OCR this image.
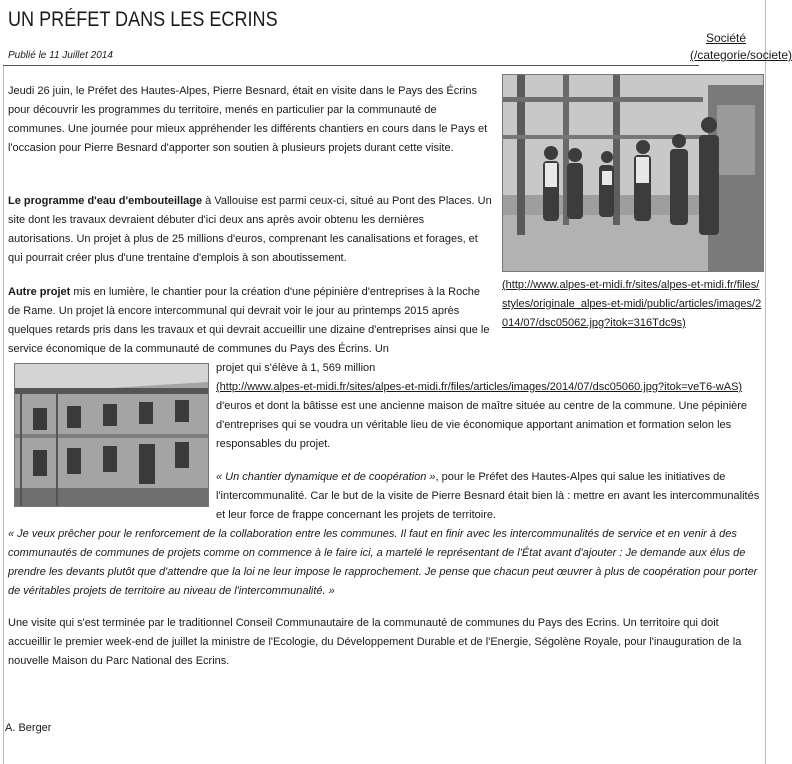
UN PRÉFET DANS LES ECRINS
Publié le 11 Juillet 2014
Société
(/categorie/societe)

Jeudi 26 juin, le Préfet des Hautes-Alpes, Pierre Besnard, était en visite dans le Pays des Écrins pour découvrir les programmes du territoire, menés en particulier par la communauté de communes. Une journée pour mieux appréhender les différents chantiers en cours dans le Pays et l'occasion pour Pierre Besnard d'apporter son soutien à plusieurs projets durant cette visite.

Le programme d'eau d'embouteillage à Vallouise est parmi ceux-ci, situé au Pont des Places. Un site dont les travaux devraient débuter d'ici deux ans après avoir obtenu les dernières autorisations. Un projet à plus de 25 millions d'euros, comprenant les canalisations et forages, et qui pourrait créer plus d'une trentaine d'emplois à son aboutissement.

Autre projet mis en lumière, le chantier pour la création d'une pépinière d'entreprises à la Roche de Rame. Un projet là encore intercommunal qui devrait voir le jour au printemps 2015 après quelques retards pris dans les travaux et qui devrait accueillir une dizaine d'entreprises ainsi que le service économique de la communauté de communes du Pays des Écrins. Un

(http://www.alpes-et-midi.fr/sites/alpes-et-midi.fr/files/styles/originale_alpes-et-midi/public/articles/images/2014/07/dsc05062.jpg?itok=316Tdc9s)

projet qui s'élève à 1, 569 million
(http://www.alpes-et-midi.fr/sites/alpes-et-midi.fr/files/articles/images/2014/07/dsc05060.jpg?itok=veT6-wAS)d'euros et dont la bâtisse est une ancienne maison de maître située au centre de la commune. Une pépinière d'entreprises qui se voudra un véritable lieu de vie économique apportant animation et formation selon les responsables du projet.

« Un chantier dynamique et de coopération », pour le Préfet des Hautes-Alpes qui salue les initiatives de l'intercommunalité. Car le but de la visite de Pierre Besnard était bien là : mettre en avant les intercommunalités et leur force de frappe concernant les projets de territoire.

« Je veux prêcher pour le renforcement de la collaboration entre les communes. Il faut en finir avec les intercommunalités de service et en venir à des communautés de communes de projets comme on commence à le faire ici, a martelé le représentant de l'État avant d'ajouter : Je demande aux élus de prendre les devants plutôt que d'attendre que la loi ne leur impose le rapprochement. Je pense que chacun peut œuvrer à plus de coopération pour porter de véritables projets de territoire au niveau de l'intercommunalité. »

Une visite qui s'est terminée par le traditionnel Conseil Communautaire de la communauté de communes du Pays des Ecrins. Un territoire qui doit accueillir le premier week-end de juillet la ministre de l'Ecologie, du Développement Durable et de l'Energie, Ségolène Royale, pour l'inauguration de la nouvelle Maison du Parc National des Ecrins.

A. Berger
